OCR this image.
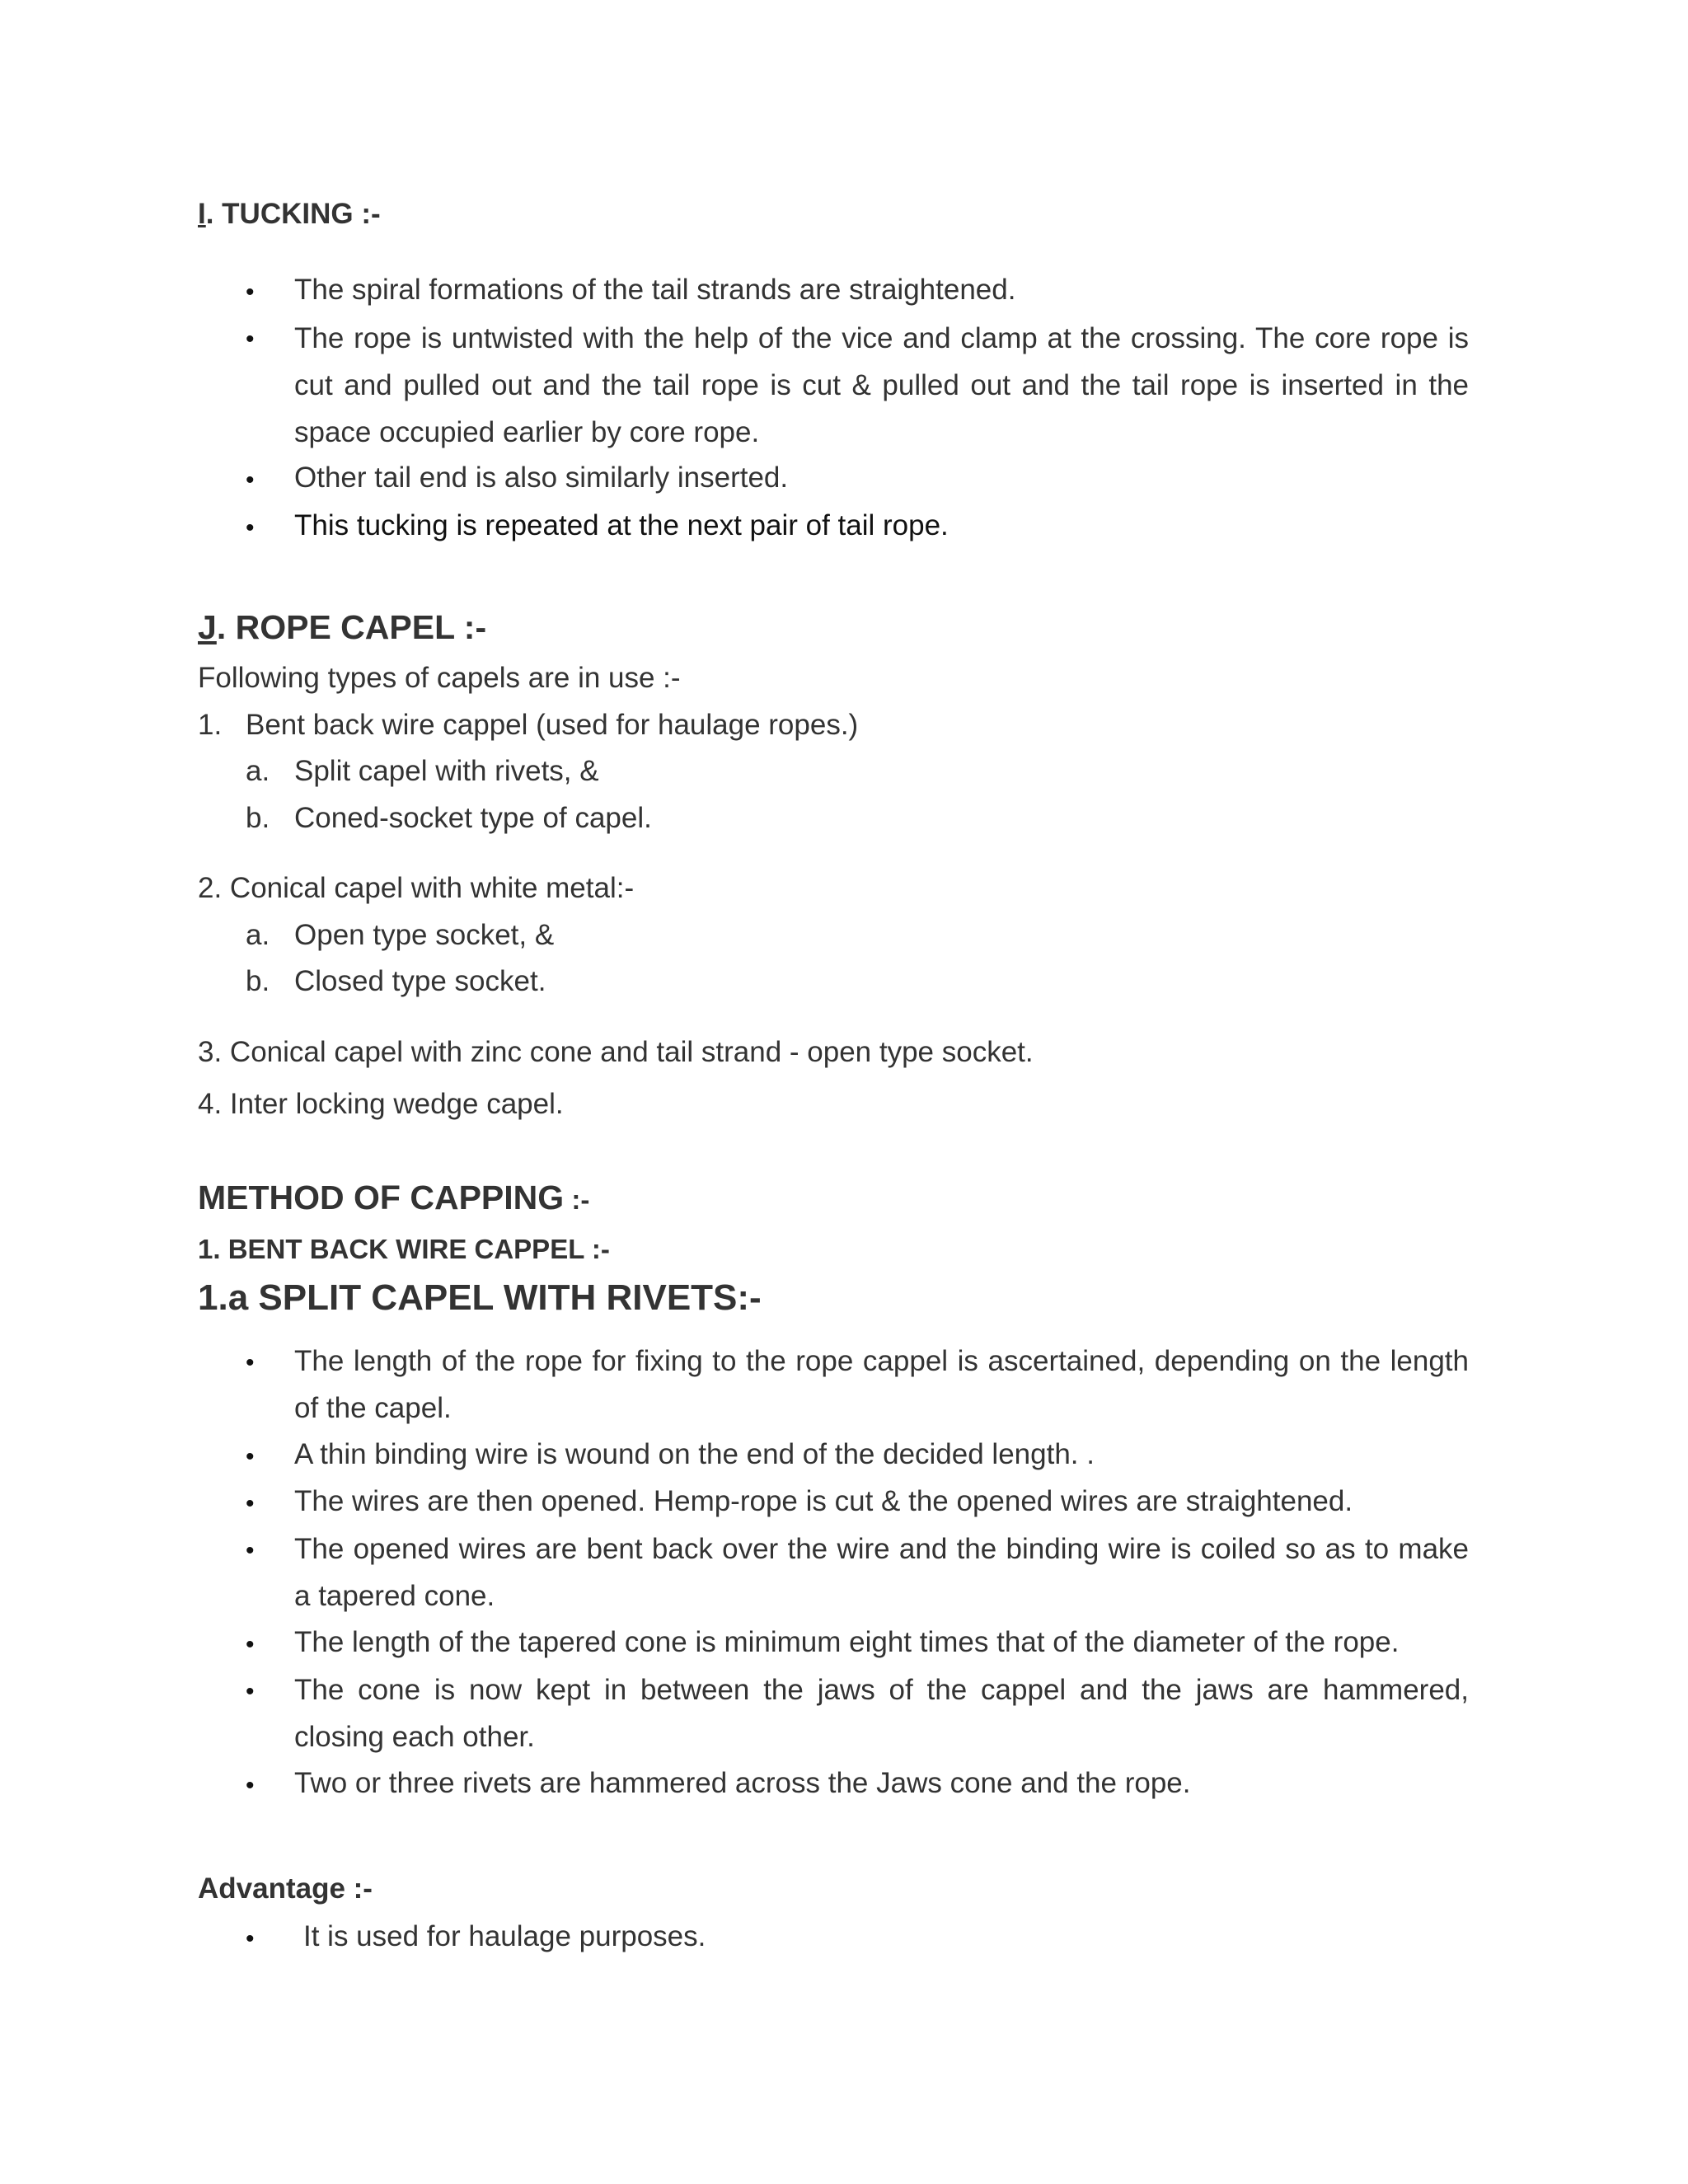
I. TUCKING :-
• The spiral formations of the tail strands are straightened.
• The rope is untwisted with the help of the vice and clamp at the crossing. The core rope is cut and pulled out and the tail rope is cut & pulled out and the tail rope is inserted in the space occupied earlier by core rope.
• Other tail end is also similarly inserted.
• This tucking is repeated at the next pair of tail rope.
J. ROPE CAPEL :-
Following types of capels are in use :-
1. Bent back wire cappel (used for haulage ropes.)
a. Split capel with rivets, &
b. Coned-socket type of capel.
2. Conical capel with white metal:-
a. Open type socket, &
b. Closed type socket.
3. Conical capel with zinc cone and tail strand - open type socket.
4. Inter locking wedge capel.
METHOD OF CAPPING :-
1. BENT BACK WIRE CAPPEL :-
1.a SPLIT CAPEL WITH RIVETS:-
• The length of the rope for fixing to the rope cappel is ascertained, depending on the length of the capel.
• A thin binding wire is wound on the end of the decided length. .
• The wires are then opened. Hemp-rope is cut & the opened wires are straightened.
• The opened wires are bent back over the wire and the binding wire is coiled so as to make a tapered cone.
• The length of the tapered cone is minimum eight times that of the diameter of the rope.
• The cone is now kept in between the jaws of the cappel and the jaws are hammered, closing each other.
• Two or three rivets are hammered across the Jaws cone and the rope.
Advantage :-
• It is used for haulage purposes.
